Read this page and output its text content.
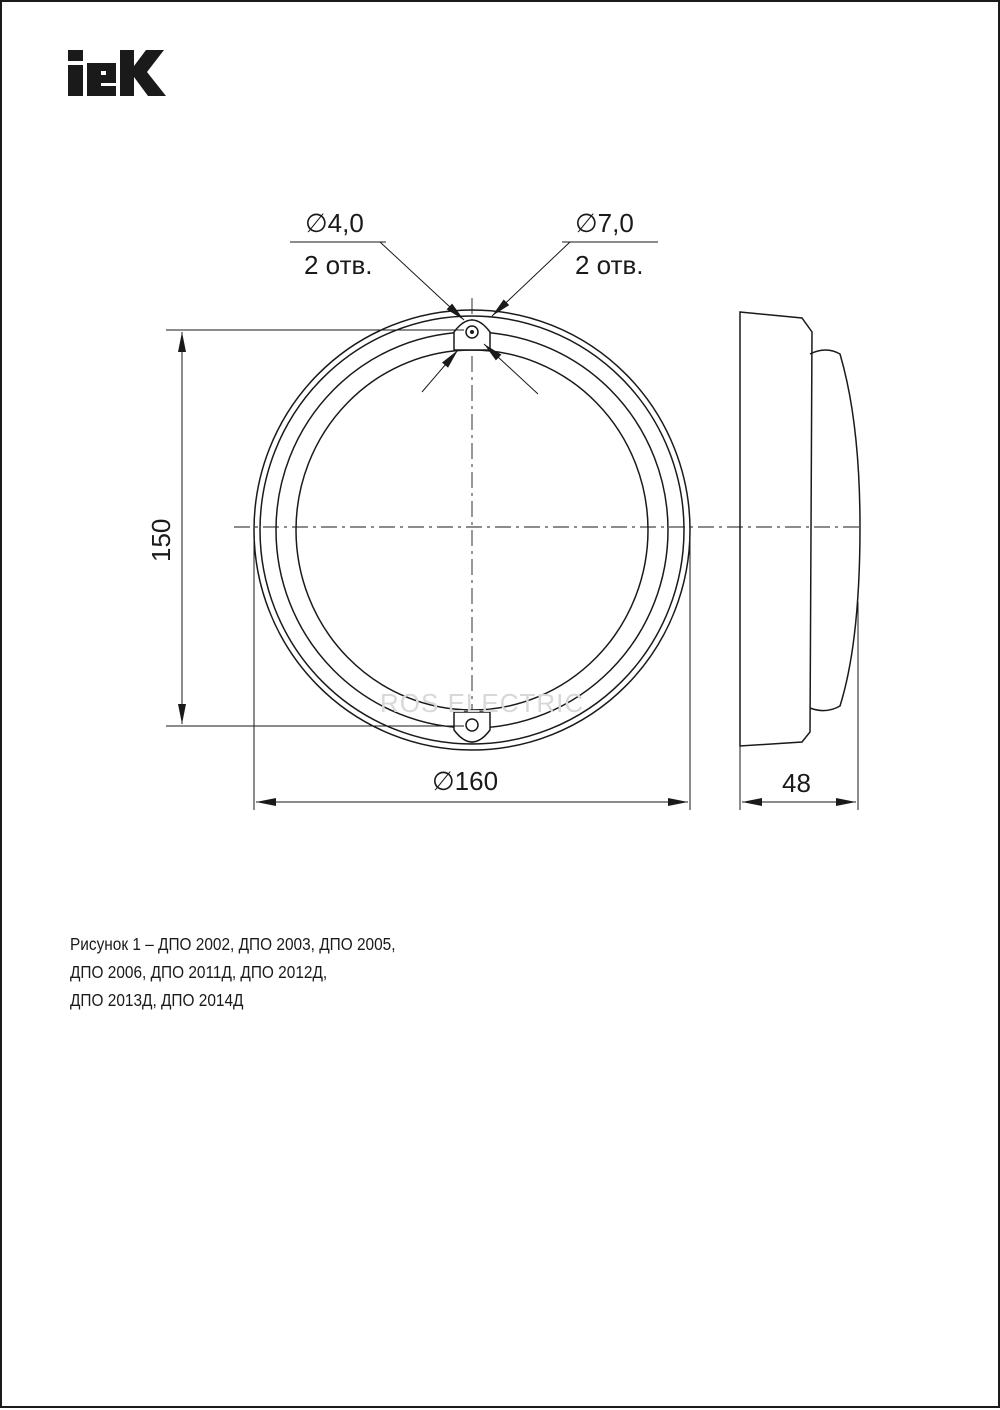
ROS ELECTRIC
∅4,0
2 отв.
∅7,0
2 отв.
150
∅160	48
Рисунок 1 – ДПО 2002, ДПО 2003, ДПО 2005,
ДПО 2006, ДПО 2011Д, ДПО 2012Д,
ДПО 2013Д, ДПО 2014Д
